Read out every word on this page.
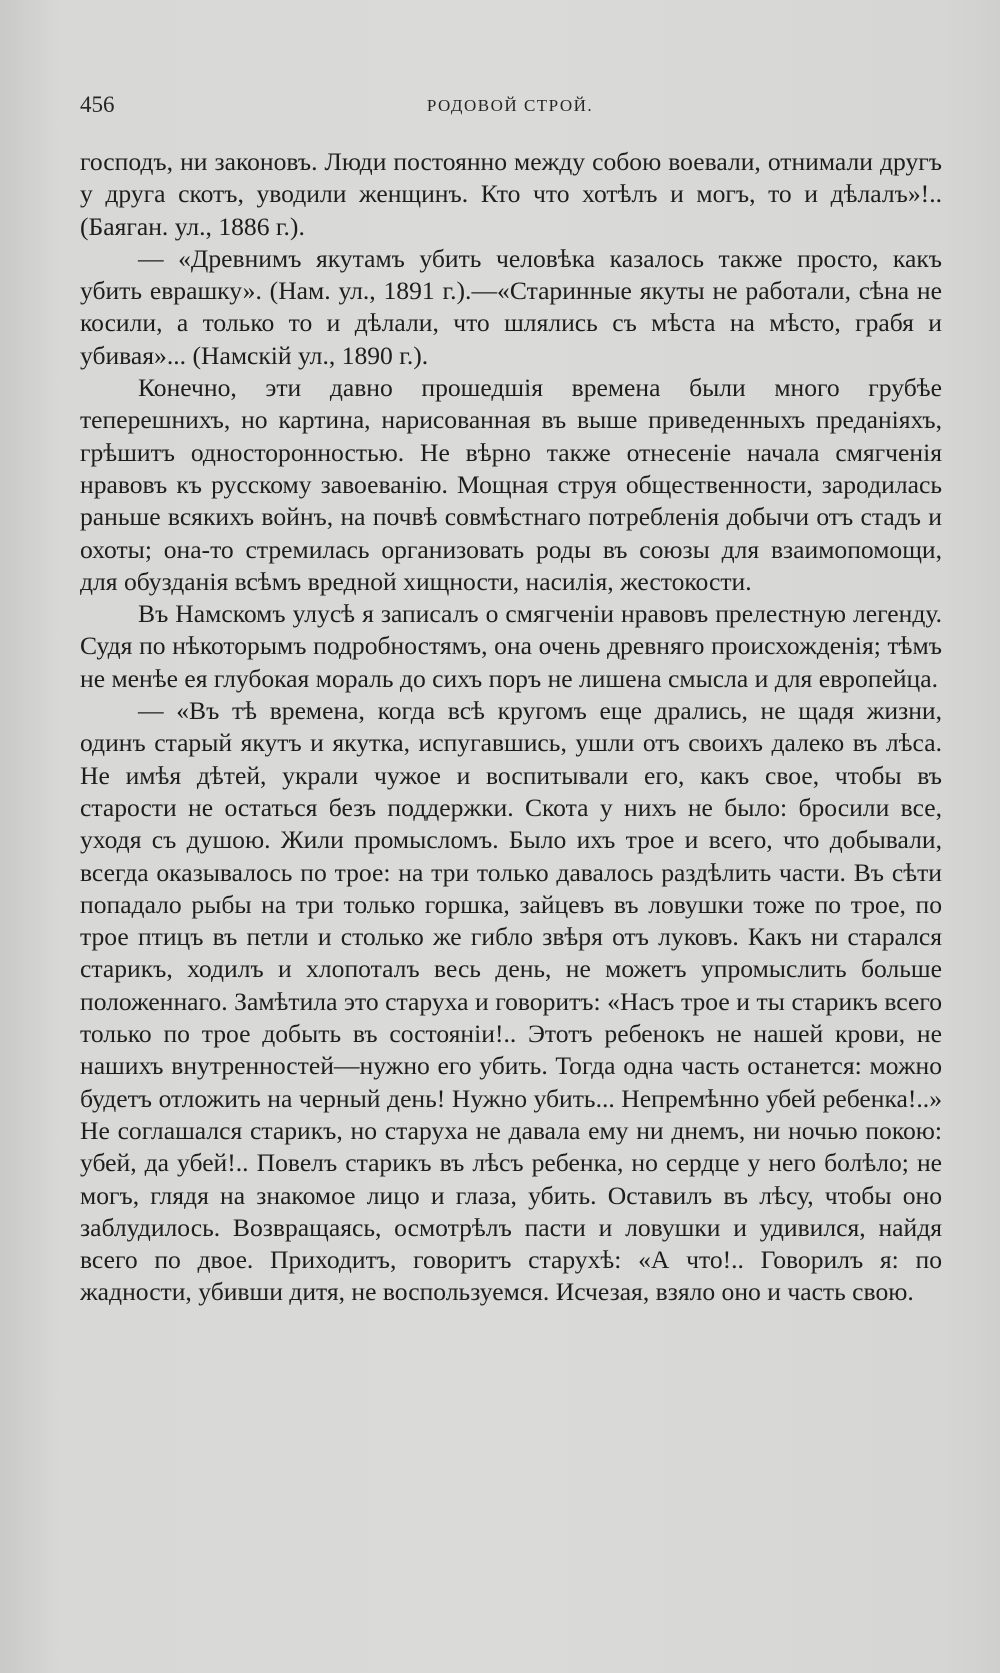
456	РОДОВОЙ СТРОЙ.

господъ, ни законовъ. Люди постоянно между собою воевали, отнимали другъ у друга скотъ, уводили женщинъ. Кто что хотѣлъ и могъ, то и дѣлалъ»!.. (Баяган. ул., 1886 г.).

— «Древнимъ якутамъ убить человѣка казалось также просто, какъ убить еврашку». (Нам. ул., 1891 г.).—«Старинные якуты не работали, сѣна не косили, а только то и дѣлали, что шлялись съ мѣста на мѣсто, грабя и убивая»... (Намскій ул., 1890 г.).

Конечно, эти давно прошедшія времена были много грубѣе теперешнихъ, но картина, нарисованная въ выше приведенныхъ преданіяхъ, грѣшитъ односторонностью. Не вѣрно также отнесеніе начала смягченія нравовъ къ русскому завоеванію. Мощная струя общественности, зародилась раньше всякихъ войнъ, на почвѣ совмѣстнаго потребленія добычи отъ стадъ и охоты; она-то стремилась организовать роды въ союзы для взаимопомощи, для обузданія всѣмъ вредной хищности, насилія, жестокости.

Въ Намскомъ улусѣ я записалъ о смягченіи нравовъ прелестную легенду. Судя по нѣкоторымъ подробностямъ, она очень древняго происхожденія; тѣмъ не менѣе ея глубокая мораль до сихъ поръ не лишена смысла и для европейца.

— «Въ тѣ времена, когда всѣ кругомъ еще дрались, не щадя жизни, одинъ старый якутъ и якутка, испугавшись, ушли отъ своихъ далеко въ лѣса. Не имѣя дѣтей, украли чужое и воспитывали его, какъ свое, чтобы въ старости не остаться безъ поддержки. Скота у нихъ не было: бросили все, уходя съ душою. Жили промысломъ. Было ихъ трое и всего, что добывали, всегда оказывалось по трое: на три только давалось раздѣлить части. Въ сѣти попадало рыбы на три только горшка, зайцевъ въ ловушки тоже по трое, по трое птицъ въ петли и столько же гибло звѣря отъ луковъ. Какъ ни старался старикъ, ходилъ и хлопоталъ весь день, не можетъ упромыслить больше положеннаго. Замѣтила это старуха и говоритъ: «Насъ трое и ты старикъ всего только по трое добыть въ состояніи!.. Этотъ ребенокъ не нашей крови, не нашихъ внутренностей—нужно его убить. Тогда одна часть останется: можно будетъ отложить на черный день! Нужно убить... Непремѣнно убей ребенка!..» Не соглашался старикъ, но старуха не давала ему ни днемъ, ни ночью покою: убей, да убей!.. Повелъ старикъ въ лѣсъ ребенка, но сердце у него болѣло; не могъ, глядя на знакомое лицо и глаза, убить. Оставилъ въ лѣсу, чтобы оно заблудилось. Возвращаясь, осмотрѣлъ пасти и ловушки и удивился, найдя всего по двое. Приходитъ, говоритъ старухѣ: «А что!.. Говорилъ я: по жадности, убивши дитя, не воспользуемся. Исчезая, взяло оно и часть свою.
